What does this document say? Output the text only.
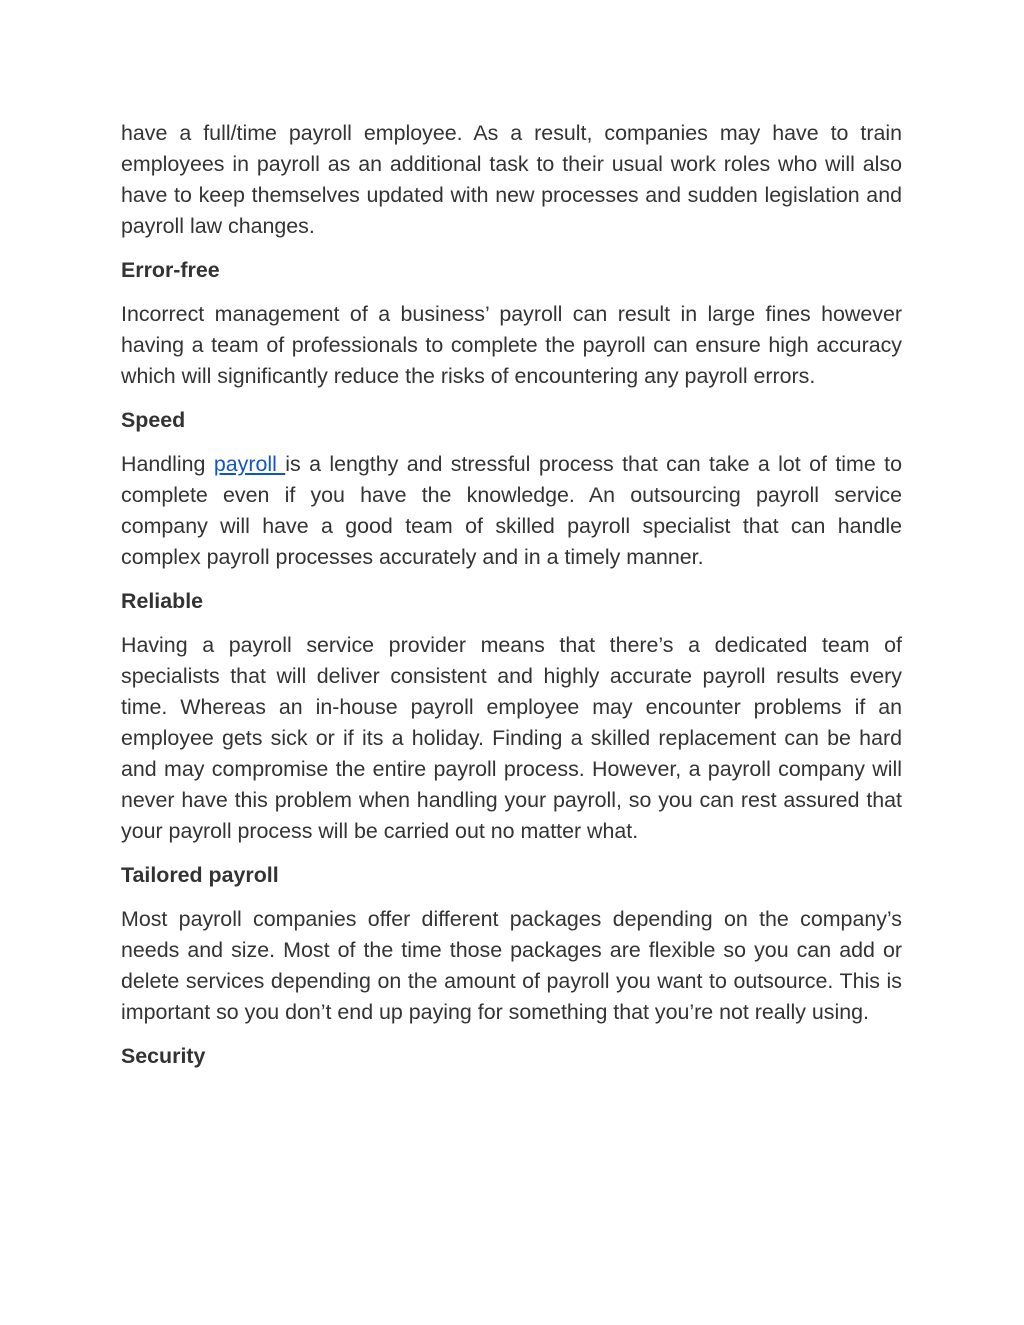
have a full/time payroll employee. As a result, companies may have to train employees in payroll as an additional task to their usual work roles who will also have to keep themselves updated with new processes and sudden legislation and payroll law changes.

Error-free

Incorrect management of a business’ payroll can result in large fines however having a team of professionals to complete the payroll can ensure high accuracy which will significantly reduce the risks of encountering any payroll errors.

Speed

Handling payroll is a lengthy and stressful process that can take a lot of time to complete even if you have the knowledge. An outsourcing payroll service company will have a good team of skilled payroll specialist that can handle complex payroll processes accurately and in a timely manner.

Reliable

Having a payroll service provider means that there’s a dedicated team of specialists that will deliver consistent and highly accurate payroll results every time. Whereas an in-house payroll employee may encounter problems if an employee gets sick or if its a holiday. Finding a skilled replacement can be hard and may compromise the entire payroll process. However, a payroll company will never have this problem when handling your payroll, so you can rest assured that your payroll process will be carried out no matter what.

Tailored payroll

Most payroll companies offer different packages depending on the company’s needs and size. Most of the time those packages are flexible so you can add or delete services depending on the amount of payroll you want to outsource. This is important so you don’t end up paying for something that you’re not really using.

Security
